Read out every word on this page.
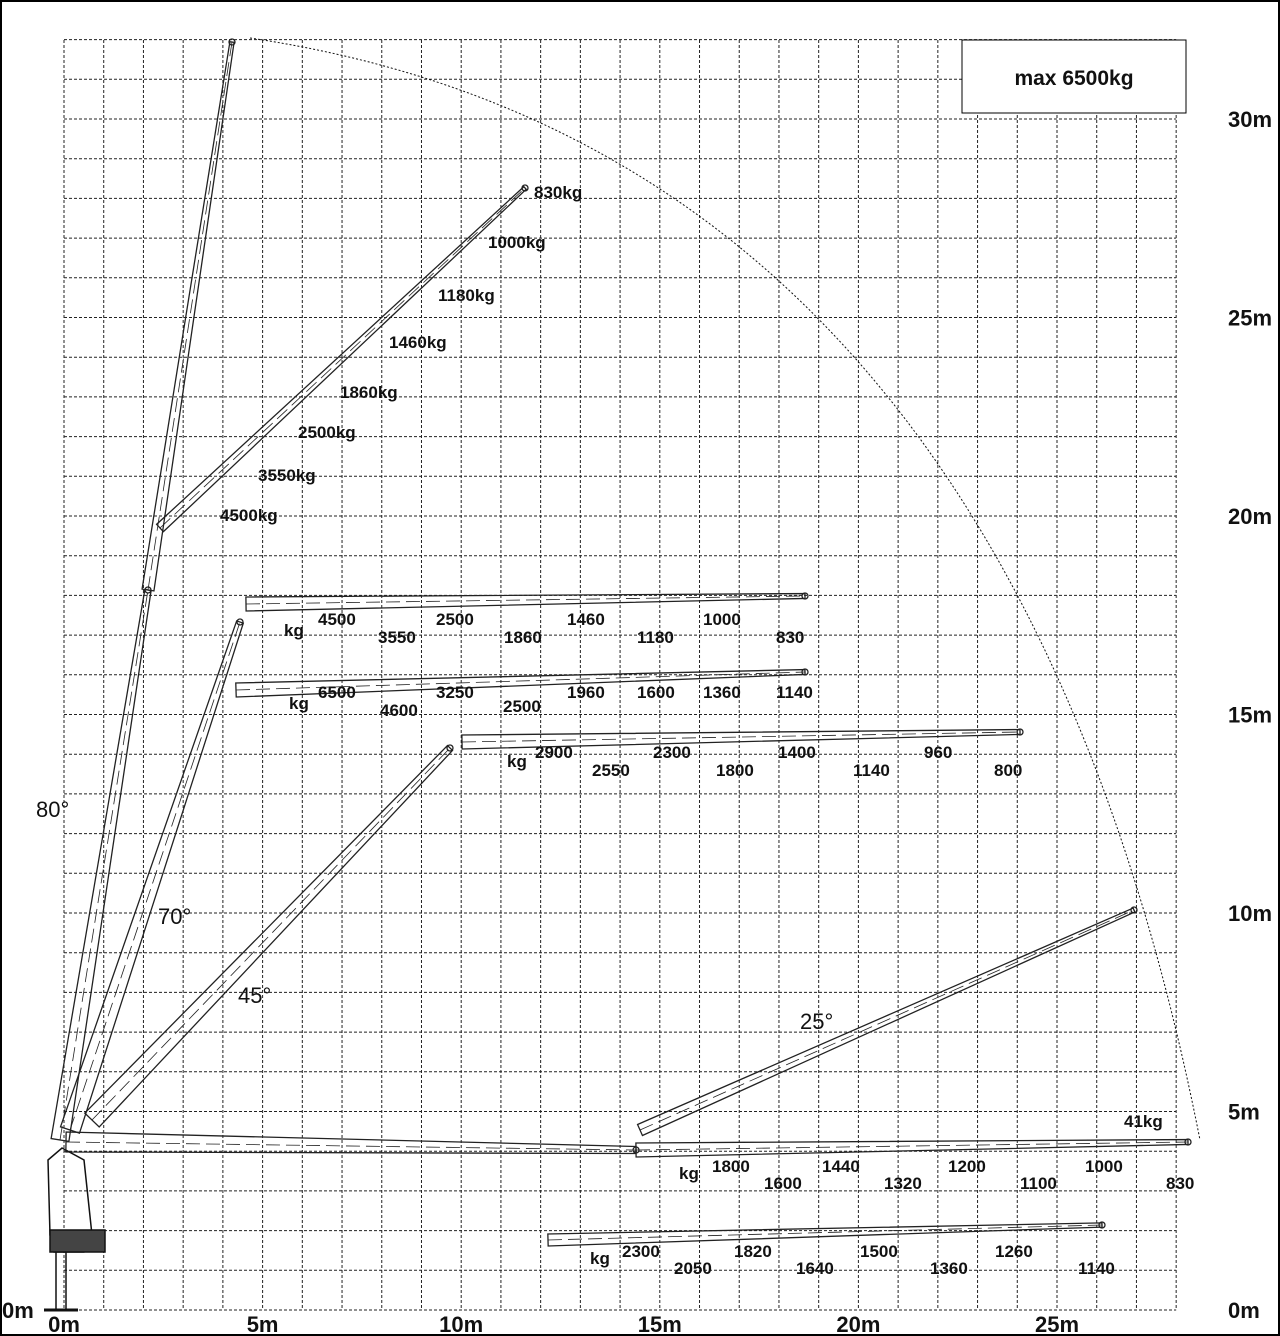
max 6500kg
0m	5m	10m	15m	20m	25m
0m	0m
5m
10m
15m
20m
25m
30m
80°
70°
45°
25°
830kg
1000kg
1180kg
1460kg
1860kg
2500kg
3550kg
4500kg
kg
4500
3550
2500
1860
1460
1180
1000
830
kg
6500
4600
3250	1960 1600 1360 1140
2500
kg 2900
2550
2300
1800
1400
1140
960
800
41kg
kg 1800
1600
1440
1320
1200
1100
1000
830
kg 2300
2050
1820
1640
1500
1360
1260
1140
